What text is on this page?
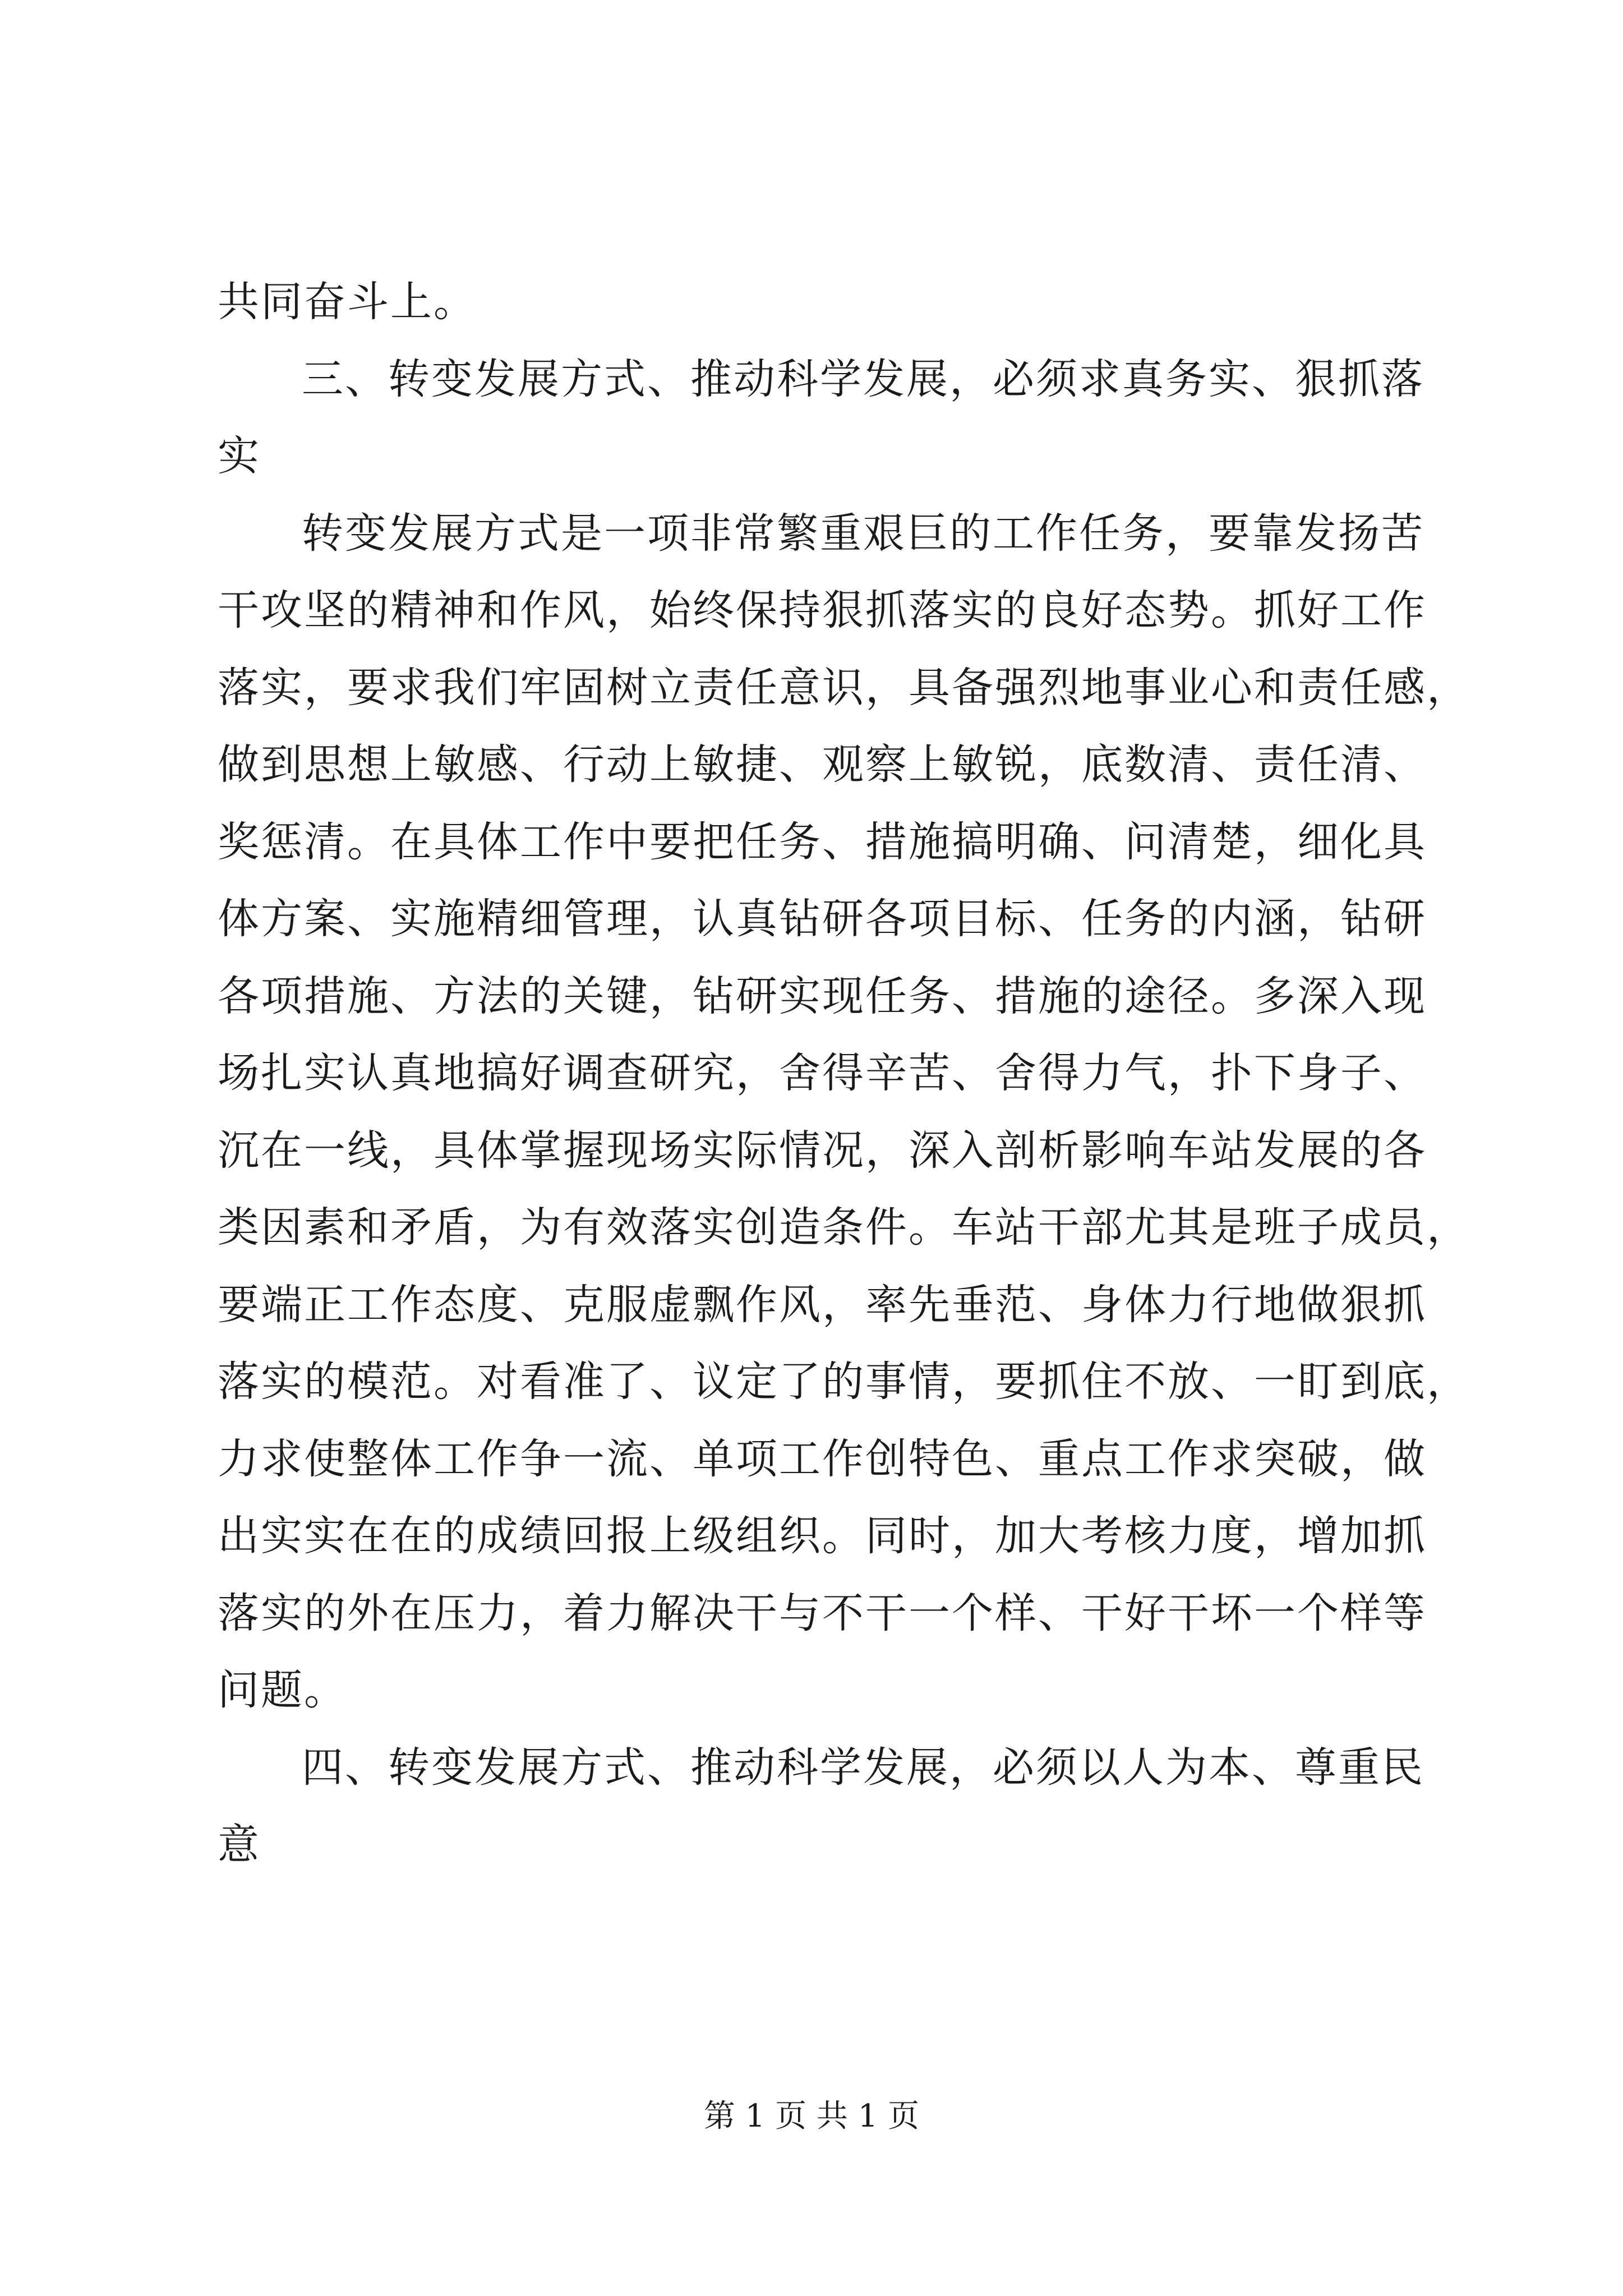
共同奋斗上。
三、转变发展方式、推动科学发展，必须求真务实、狠抓落
实
转变发展方式是一项非常繁重艰巨的工作任务，要靠发扬苦
干攻坚的精神和作风，始终保持狠抓落实的良好态势。抓好工作
落实，要求我们牢固树立责任意识，具备强烈地事业心和责任感，
做到思想上敏感、行动上敏捷、观察上敏锐，底数清、责任清、
奖惩清。在具体工作中要把任务、措施搞明确、问清楚，细化具
体方案、实施精细管理，认真钻研各项目标、任务的内涵，钻研
各项措施、方法的关键，钻研实现任务、措施的途径。多深入现
场扎实认真地搞好调查研究，舍得辛苦、舍得力气，扑下身子、
沉在一线，具体掌握现场实际情况，深入剖析影响车站发展的各
类因素和矛盾，为有效落实创造条件。车站干部尤其是班子成员，
要端正工作态度、克服虚飘作风，率先垂范、身体力行地做狠抓
落实的模范。对看准了、议定了的事情，要抓住不放、一盯到底，
力求使整体工作争一流、单项工作创特色、重点工作求突破，做
出实实在在的成绩回报上级组织。同时，加大考核力度，增加抓
落实的外在压力，着力解决干与不干一个样、干好干坏一个样等
问题。
四、转变发展方式、推动科学发展，必须以人为本、尊重民
意
第 1 页 共 1 页
